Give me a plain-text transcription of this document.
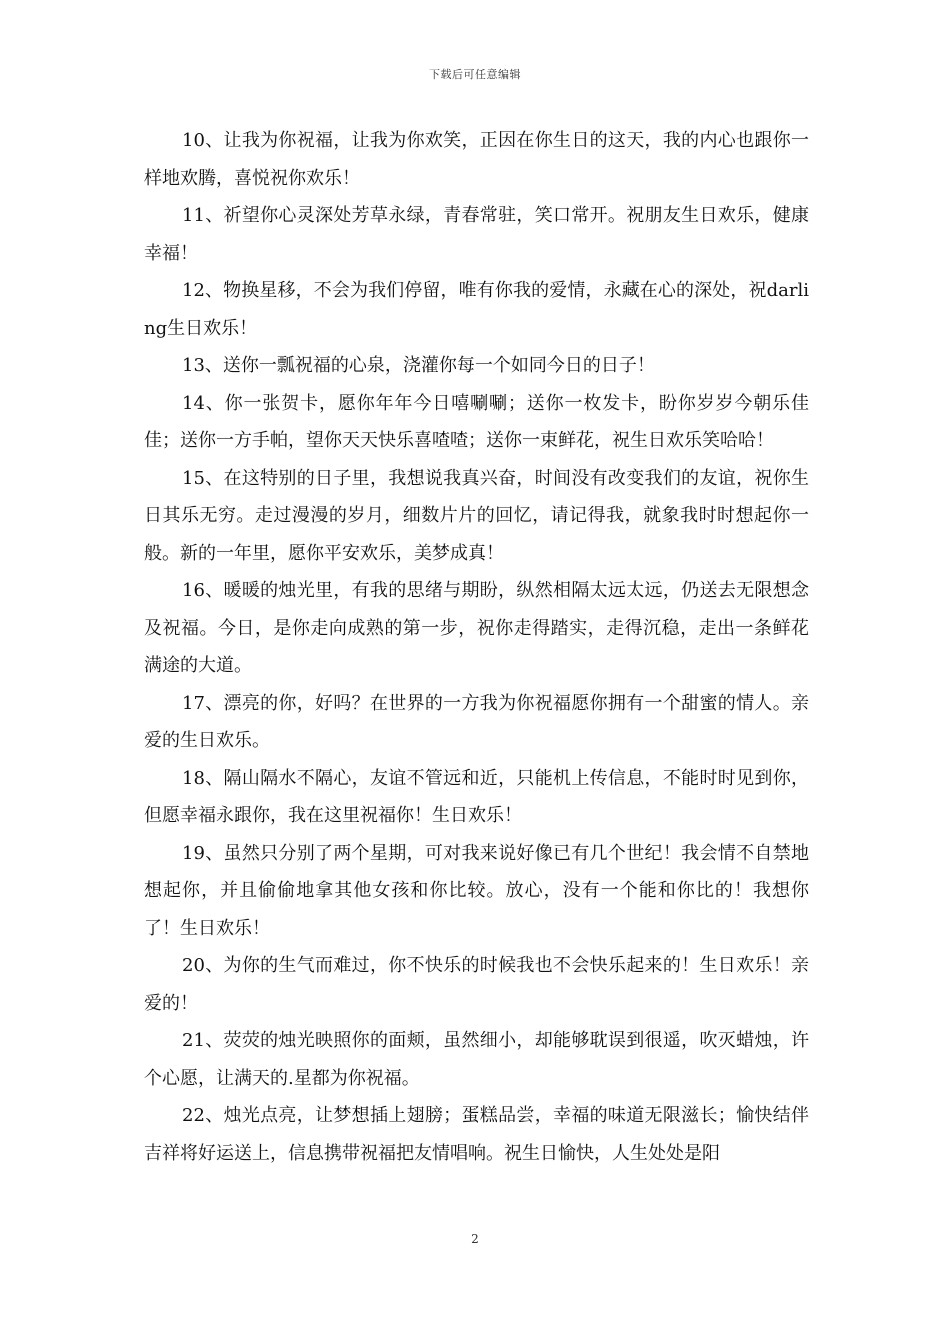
下载后可任意编辑

10、让我为你祝福，让我为你欢笑，正因在你生日的这天，我的内心也跟你一样地欢腾，喜悦祝你欢乐！

11、祈望你心灵深处芳草永绿，青春常驻，笑口常开。祝朋友生日欢乐，健康幸福！

12、物换星移，不会为我们停留，唯有你我的爱情，永藏在心的深处，祝darling生日欢乐！

13、送你一瓢祝福的心泉，浇灌你每一个如同今日的日子！

14、你一张贺卡，愿你年年今日嘻唰唰；送你一枚发卡，盼你岁岁今朝乐佳佳；送你一方手帕，望你天天快乐喜喳喳；送你一束鲜花，祝生日欢乐笑哈哈！

15、在这特别的日子里，我想说我真兴奋，时间没有改变我们的友谊，祝你生日其乐无穷。走过漫漫的岁月，细数片片的回忆，请记得我，就象我时时想起你一般。新的一年里，愿你平安欢乐，美梦成真！

16、暖暖的烛光里，有我的思绪与期盼，纵然相隔太远太远，仍送去无限想念及祝福。今日，是你走向成熟的第一步，祝你走得踏实，走得沉稳，走出一条鲜花满途的大道。

17、漂亮的你，好吗？在世界的一方我为你祝福愿你拥有一个甜蜜的情人。亲爱的生日欢乐。

18、隔山隔水不隔心，友谊不管远和近，只能机上传信息，不能时时见到你，但愿幸福永跟你，我在这里祝福你！生日欢乐！

19、虽然只分别了两个星期，可对我来说好像已有几个世纪！我会情不自禁地想起你，并且偷偷地拿其他女孩和你比较。放心，没有一个能和你比的！我想你了！生日欢乐！

20、为你的生气而难过，你不快乐的时候我也不会快乐起来的！生日欢乐！亲爱的！

21、荧荧的烛光映照你的面颊，虽然细小，却能够耽误到很遥，吹灭蜡烛，许个心愿，让满天的.星都为你祝福。

22、烛光点亮，让梦想插上翅膀；蛋糕品尝，幸福的味道无限滋长；愉快结伴吉祥将好运送上，信息携带祝福把友情唱响。祝生日愉快，人生处处是阳

2
